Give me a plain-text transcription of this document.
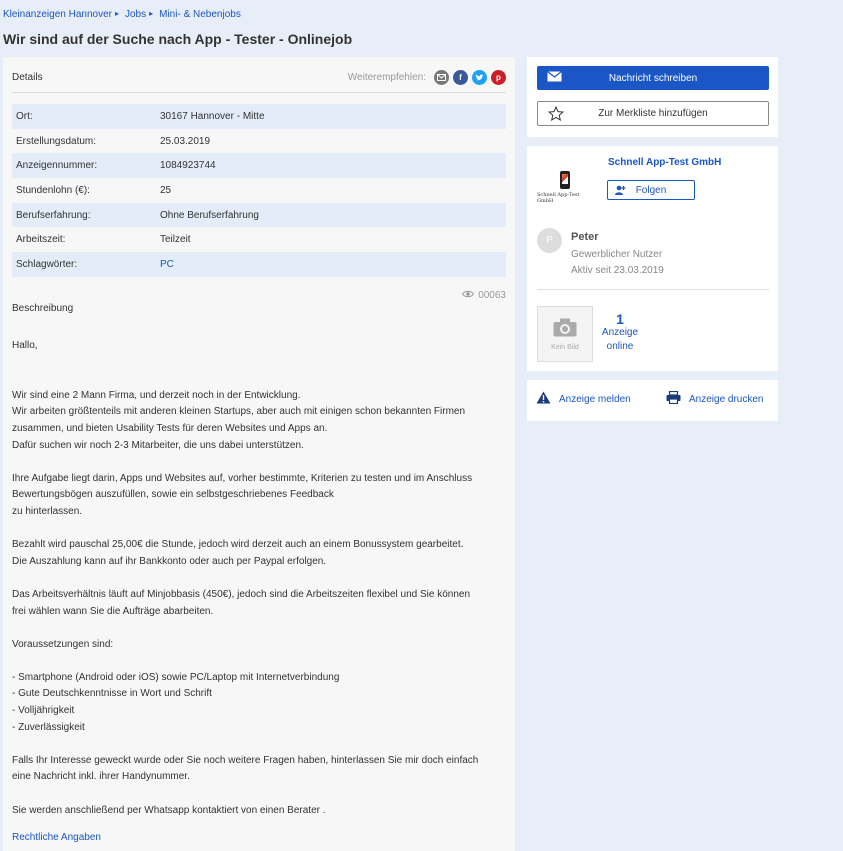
Kleinanzeigen Hannover ▸ Jobs ▸ Mini- & Nebenjobs
Wir sind auf der Suche nach App - Tester - Onlinejob
Details	Weiterempfehlen:	f	p
Ort:	30167 Hannover - Mitte
Erstellungsdatum:	25.03.2019
Anzeigennummer:	1084923744
Stundenlohn (€):	25
Berufserfahrung:	Ohne Berufserfahrung
Arbeitszeit:	Teilzeit
Schlagwörter:	PC
00063
Beschreibung

Hallo,

Wir sind eine 2 Mann Firma, und derzeit noch in der Entwicklung.

Wir arbeiten größtenteils mit anderen kleinen Startups, aber auch mit einigen schon bekannten Firmen

zusammen, und bieten Usability Tests für deren Websites und Apps an.

Dafür suchen wir noch 2-3 Mitarbeiter, die uns dabei unterstützen.

Ihre Aufgabe liegt darin, Apps und Websites auf, vorher bestimmte, Kriterien zu testen und im Anschluss

Bewertungsbögen auszufüllen, sowie ein selbstgeschriebenes Feedback

zu hinterlassen.

Bezahlt wird pauschal 25,00€ die Stunde, jedoch wird derzeit auch an einem Bonussystem gearbeitet.

Die Auszahlung kann auf ihr Bankkonto oder auch per Paypal erfolgen.

Das Arbeitsverhältnis läuft auf Minjobbasis (450€), jedoch sind die Arbeitszeiten flexibel und Sie können

frei wählen wann Sie die Aufträge abarbeiten.

Voraussetzungen sind:

- Smartphone (Android oder iOS) sowie PC/Laptop mit Internetverbindung

- Gute Deutschkenntnisse in Wort und Schrift

- Volljährigkeit

- Zuverlässigkeit

Falls Ihr Interesse geweckt wurde oder Sie noch weitere Fragen haben, hinterlassen Sie mir doch einfach

eine Nachricht inkl. ihrer Handynummer.

Sie werden anschließend per Whatsapp kontaktiert von einen Berater .

Rechtliche Angaben
Nachricht schreiben
Zur Merkliste hinzufügen
Schnell App-Test GmbH
Schnell App-Test GmbH
Folgen
P	Peter
Gewerblicher Nutzer
Aktiv seit 23.03.2019
Kein Bild
1
Anzeige
online
Anzeige melden	Anzeige drucken
